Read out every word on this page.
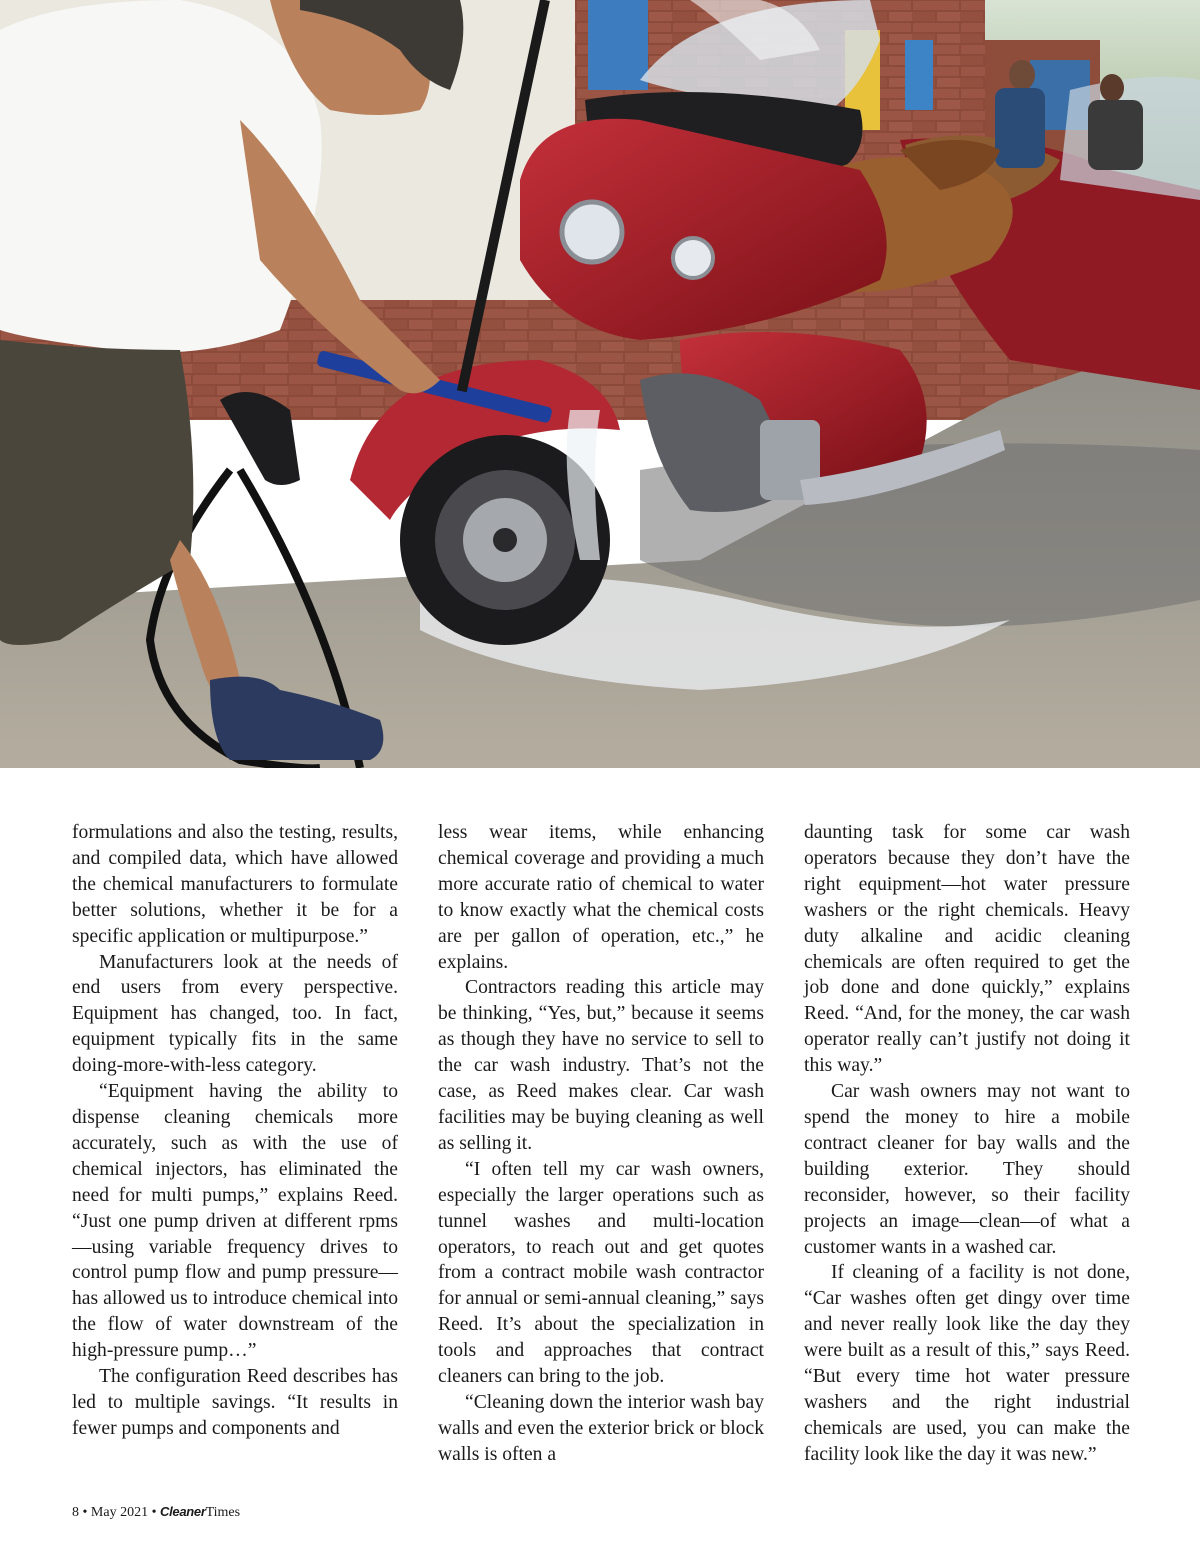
formulations and also the testing, results, and compiled data, which have allowed the chemical manufacturers to formulate better solutions, whether it be for a specific application or multipurpose.”

Manufacturers look at the needs of end users from every perspective. Equipment has changed, too. In fact, equipment typically fits in the same doing-more-with-less category.

“Equipment having the ability to dispense cleaning chemicals more accurately, such as with the use of chemical injectors, has eliminated the need for multi pumps,” explains Reed. “Just one pump driven at different rpms—using variable frequency drives to control pump flow and pump pressure—has allowed us to introduce chemical into the flow of water downstream of the high-pressure pump…”

The configuration Reed describes has led to multiple savings. “It results in fewer pumps and components and

less wear items, while enhancing chemical coverage and providing a much more accurate ratio of chemical to water to know exactly what the chemical costs are per gallon of operation, etc.,” he explains.

Contractors reading this article may be thinking, “Yes, but,” because it seems as though they have no service to sell to the car wash industry. That’s not the case, as Reed makes clear. Car wash facilities may be buying cleaning as well as selling it.

“I often tell my car wash owners, especially the larger operations such as tunnel washes and multi-location operators, to reach out and get quotes from a contract mobile wash contractor for annual or semi-annual cleaning,” says Reed. It’s about the specialization in tools and approaches that contract cleaners can bring to the job.

“Cleaning down the interior wash bay walls and even the exterior brick or block walls is often a

daunting task for some car wash operators because they don’t have the right equipment—hot water pressure washers or the right chemicals. Heavy duty alkaline and acidic cleaning chemicals are often required to get the job done and done quickly,” explains Reed. “And, for the money, the car wash operator really can’t justify not doing it this way.”

Car wash owners may not want to spend the money to hire a mobile contract cleaner for bay walls and the building exterior. They should reconsider, however, so their facility projects an image—clean—of what a customer wants in a washed car.

If cleaning of a facility is not done, “Car washes often get dingy over time and never really look like the day they were built as a result of this,” says Reed. “But every time hot water pressure washers and the right industrial chemicals are used, you can make the facility look like the day it was new.”

8 • May 2021 • CleanerTimes
